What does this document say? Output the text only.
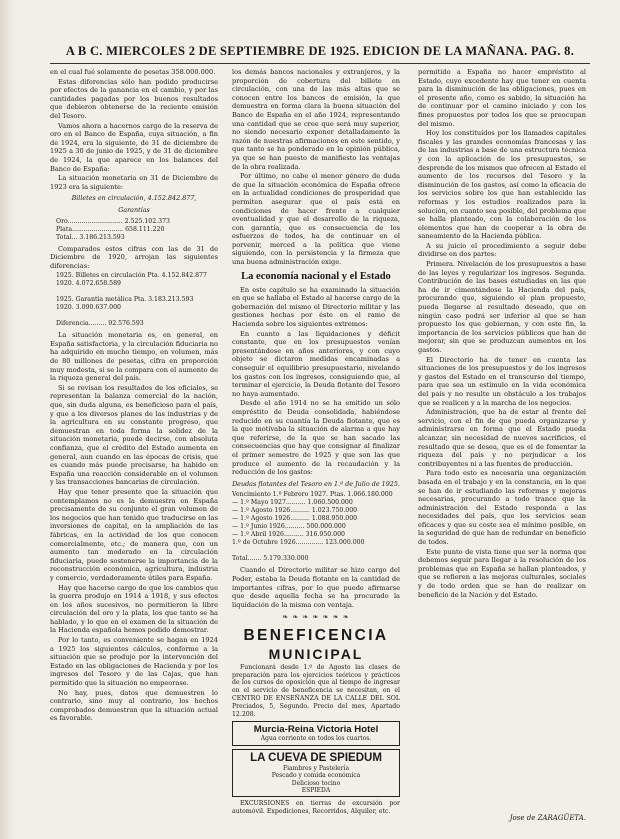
A B C. MIERCOLES 2 DE SEPTIEMBRE DE 1925. EDICION DE LA MAÑANA. PAG. 8.

en el cual fué solamente de pesetas 358.000.000.

Estas diferencias sólo han podido producirse por efectos de la ganancia en el cambio, y por las cantidades pagadas por los buenos resultados que debieron obtenerse de la reciente emisión del Tesoro.

Vamos ahora a hacernos cargo de la reserva de oro en el Banco de España, cuya situación, a fin de 1924, era la siguiente, de 31 de diciembre de 1925 a 30 de junio de 1925, y de 31 de diciembre de 1924, la que aparece en los balances del Banco de España:

La situación monetaria en 31 de Diciembre de 1923 era la siguiente:

Billetes en circulación, 4.152.842.877,
Garantías
Oro............................ 2.525.102.373
Plata.......................... 658.111.220
Total... 3.186.213.593

Comparados estos cifras con las de 31 de Diciembre de 1920, arrojan las siguientes diferencias:

1925. Billetes en circulación Pta. 4.152.842.877
1920. 4.072.658.589

1925. Garantía metálica Pta. 3.183.213.593
1920. 3.090.637.000

Diferencia......... 92.576.593

La situación monetaria es, en general, en España satisfactoria, y la circulación fiduciaria no ha adquirido en mucho tiempo, en volumen, más de 80 millones de pesetas, cifra en proporción muy modesta, si se la compara con el aumento de la riqueza general del país.

Si se revisan los resultados de los oficiales, se representan la balanza comercial de la nación, que, sin duda alguna, es beneficioso para el país, y que a los diversos planes de las industrias y de la agricultura en su constante progreso, que demuestran en toda forma la solidez de la situación monetaria, puede decirse, con absoluta confianza, que el crédito del Estado aumenta en general, aun cuando en las épocas de crisis, que es cuando más puede precisarse, ha habido en España una reacción considerable en el volumen y las transacciones bancarias de circulación.

Hay que tener presente que la situación que contemplamos no es la demuestra en España precisamente de su conjunto el gran volumen de los negocios que han tenido que traducirse en las inversiones de capital, en la ampliación de las fábricas, en la actividad de los que conocen comercialmente, etc.; de manera que, con un aumento tan moderado en la circulación fiduciaria, puede sostenerse la importancia de la reconstrucción económica, agricultura, industria y comercio, verdaderamente útiles para España.

Hay que hacerse cargo de que los cambios que la guerra produjo en 1914 a 1918, y sus efectos en los años sucesivos, no permitieron la libre circulación del oro y la plata, los que tanto se ha hablado, y lo que en el examen de la situación de la Hacienda española hemos podido demostrar.

Por lo tanto, es conveniente se hagan en 1924 a 1925 los siguientes cálculos, conforme a la situación que se produjo por la intervención del Estado en las obligaciones de Hacienda y por los ingresos del Tesoro y de las Cajas, que han permitido que la situación no empeorase.

No hay, pues, datos que demuestren lo contrario, sino muy al contrario, los hechos comprobados demuestran que la situación actual es favorable.

los demás bancos nacionales y extranjeros, y la proporción de cobertura del billete en circulación, con una de las más altas que se conocen entre los bancos de emisión, la que demuestra en forma clara la buena situación del Banco de España en el año 1924, representando una cantidad que se cree que será muy superior, no siendo necesario exponer detalladamente la razón de nuestras afirmaciones en este sentido, y que tanto se ha ponderado en la opinión pública, ya que se han puesto de manifiesto las ventajas de la obra realizada.

Por último, no cabe el menor género de duda de que la situación económica de España ofrece en la actualidad condiciones de prosperidad que permiten asegurar que el país está en condiciones de hacer frente a cualquier eventualidad y que el desarrollo de la riqueza, con garantía, que es consecuencia de los esfuerzos de todos, ha de continuar en el porvenir, merced a la política que viene siguiendo, con la persistencia y la firmeza que una buena administración exige.

La economía nacional y el Estado

En este capítulo se ha examinado la situación en que se hallaba el Estado al hacerse cargo de la gobernación del mismo el Directorio militar y las gestiones hechas por éste en el ramo de Hacienda sobre los siguientes extremos:

En cuanto a las liquidaciones y déficit constante, que en los presupuestos venían presentándose en años anteriores, y con cuyo objeto se dictaron medidas encaminadas a conseguir el equilibrio presupuestario, nivelando los gastos con los ingresos, consiguiendo que, al terminar el ejercicio, la Deuda flotante del Tesoro no haya aumentado.

Desde el año 1914 no se ha emitido un sólo empréstito de Deuda consolidada, habiéndose reducido en su cuantía la Deuda flotante, que es la que motivaba la situación de alarma a que hay que referirse, de la que se han sacado las consecuencias que hay que consignar al finalizar el primer semestre de 1925 y que son las que produce el aumento de la recaudación y la reducción de los gastos:

Deudas flotantes del Tesoro en 1.º de Julio de 1925.
Vencimiento 1.º Febrero 1927. Ptas. 1.066.180.000
— 1.º Mayo 1927.......... 1.060.500.000
— 1.º Agosto 1926.......... 1.023.750.000
— 1.º Agosto 1926.......... 1.088.950.000
— 1.º Junio 1926.......... 500.000.000
— 1.º Abril 1926.......... 316.950.000
1.º de Octubre 1926.............. 123.000.000

Total....... 5.179.330.000

Cuando el Directorio militar se hizo cargo del Poder, estaba la Deuda flotante en la cantidad de importantes cifras, por lo que puede afirmarse que desde aquella fecha se ha procurado la liquidación de la misma con ventaja.

❧ ❧ ❧ ❧ ❧ ❧ ❧
BENEFICENCIA
MUNICIPAL

Funcionará desde 1.º de Agosto las clases de preparación para los ejercicios teóricos y prácticos de los cursos de oposición que al tiempo de ingresar en el servicio de beneficencia se necesitan, en el CENTRO DE ENSEÑANZA DE LA CALLE DEL SOL Preciados, 5, Segundo. Precio del mes, Apartado 12.208.

Murcia-Reina Victoria Hotel
Agua corriente en todos los cuartos.
LA CUEVA DE SPIEDUM
Fiambres y Pastelería
Pescado y comida económica
Delicioso tocino
ESPIEDA

EXCURSIONES en tierras de excursión por automóvil. Expediciones, Recorridos, Alquiler, etc.

permitido a España no hacer empréstito al Estado, cuyo excedente hay que tener en cuenta para la disminución de las obligaciones, pues en el presente año, como es sabido, la situación ha de continuar por el camino iniciado y con los fines propuestos por todos los que se preocupan del mismo.

Hoy los constituídos por los llamados capitales fiscales y las grandes economías francesas y las de las industrias a base de una estructura técnica y con la aplicación de los presupuestos, se desprende de los mismos que ofrecen al Estado el aumento de los recursos del Tesoro y la disminución de los gastos, así como la eficacia de los servicios sobre los que han establecido las reformas y los estudios realizados para la solución, en cuanto sea posible, del problema que se halla planteado, con la colaboración de los elementos que han de cooperar a la obra de saneamiento de la Hacienda pública.

A su juicio el procedimiento a seguir debe dividirse en dos partes:

Primera. Nivelación de los presupuestos a base de las leyes y regularizar los ingresos. Segunda. Contribución de las bases estudiadas en las que ha de ir cimentándose la Hacienda del país, procurando que, siguiendo el plan propuesto, pueda llegarse al resultado deseado, que en ningún caso podrá ser inferior al que se han propuesto los que gobiernan, y con este fin, la importancia de los servicios públicos que han de mejorar, sin que se produzcan aumentos en los gastos.

El Directorio ha de tener en cuenta las situaciones de los presupuestos y de los ingresos y gastos del Estado en el transcurso del tiempo, para que sea un estímulo en la vida económica del país y no resulte un obstáculo a los trabajos que se realicen y a la marcha de los negocios.

Administración, que ha de estar al frente del servicio, con el fin de que pueda organizarse y administrarse en forma que el Estado pueda alcanzar, sin necesidad de nuevos sacrificios, el resultado que se desea, que es el de fomentar la riqueza del país y no perjudicar a los contribuyentes ni a las fuentes de producción.

Para todo esto es necesaria una organización basada en el trabajo y en la constancia, en la que se han de ir estudiando las reformas y mejoras necesarias, procurando a todo trance que la administración del Estado responda a las necesidades del país, que los servicios sean eficaces y que su coste sea el mínimo posible, en la seguridad de que han de redundar en beneficio de todos.

Este punto de vista tiene que ser la norma que debemos seguir para llegar a la resolución de los problemas que en España se hallan planteados, y que se refieren a las mejoras culturales, sociales y de todo orden que se han de realizar en beneficio de la Nación y del Estado.

Jose de ZARAGÜETA.
